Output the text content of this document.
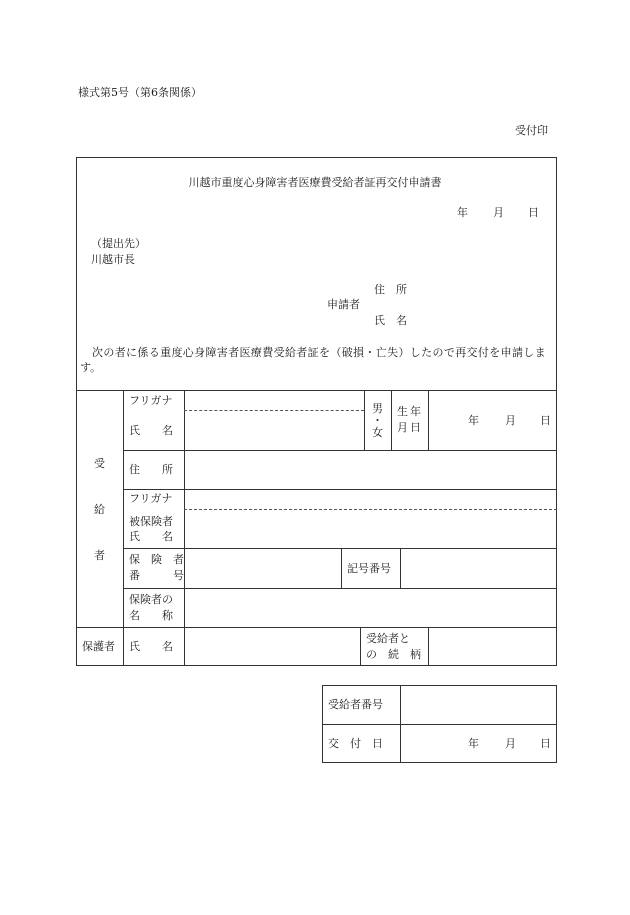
様式第5号（第6条関係）
受付印
川越市重度心身障害者医療費受給者証再交付申請書
年 月 日
（提出先）
川越市長
住　所
申請者
氏　名
次の者に係る重度心身障害者医療費受給者証を（破損・亡失）したので再交付を申請しま
す。
受
給
者
フリガナ
氏　　名
男
・
女
生 年
月 日
年 月 日
住　　所
フリガナ
被保険者
氏　　名
保　険　者
番　　　号
記号番号
保険者の
名　　称
保護者 氏　　名
受給者と
の　続　柄
受給者番号
交　付　日	年 月 日
